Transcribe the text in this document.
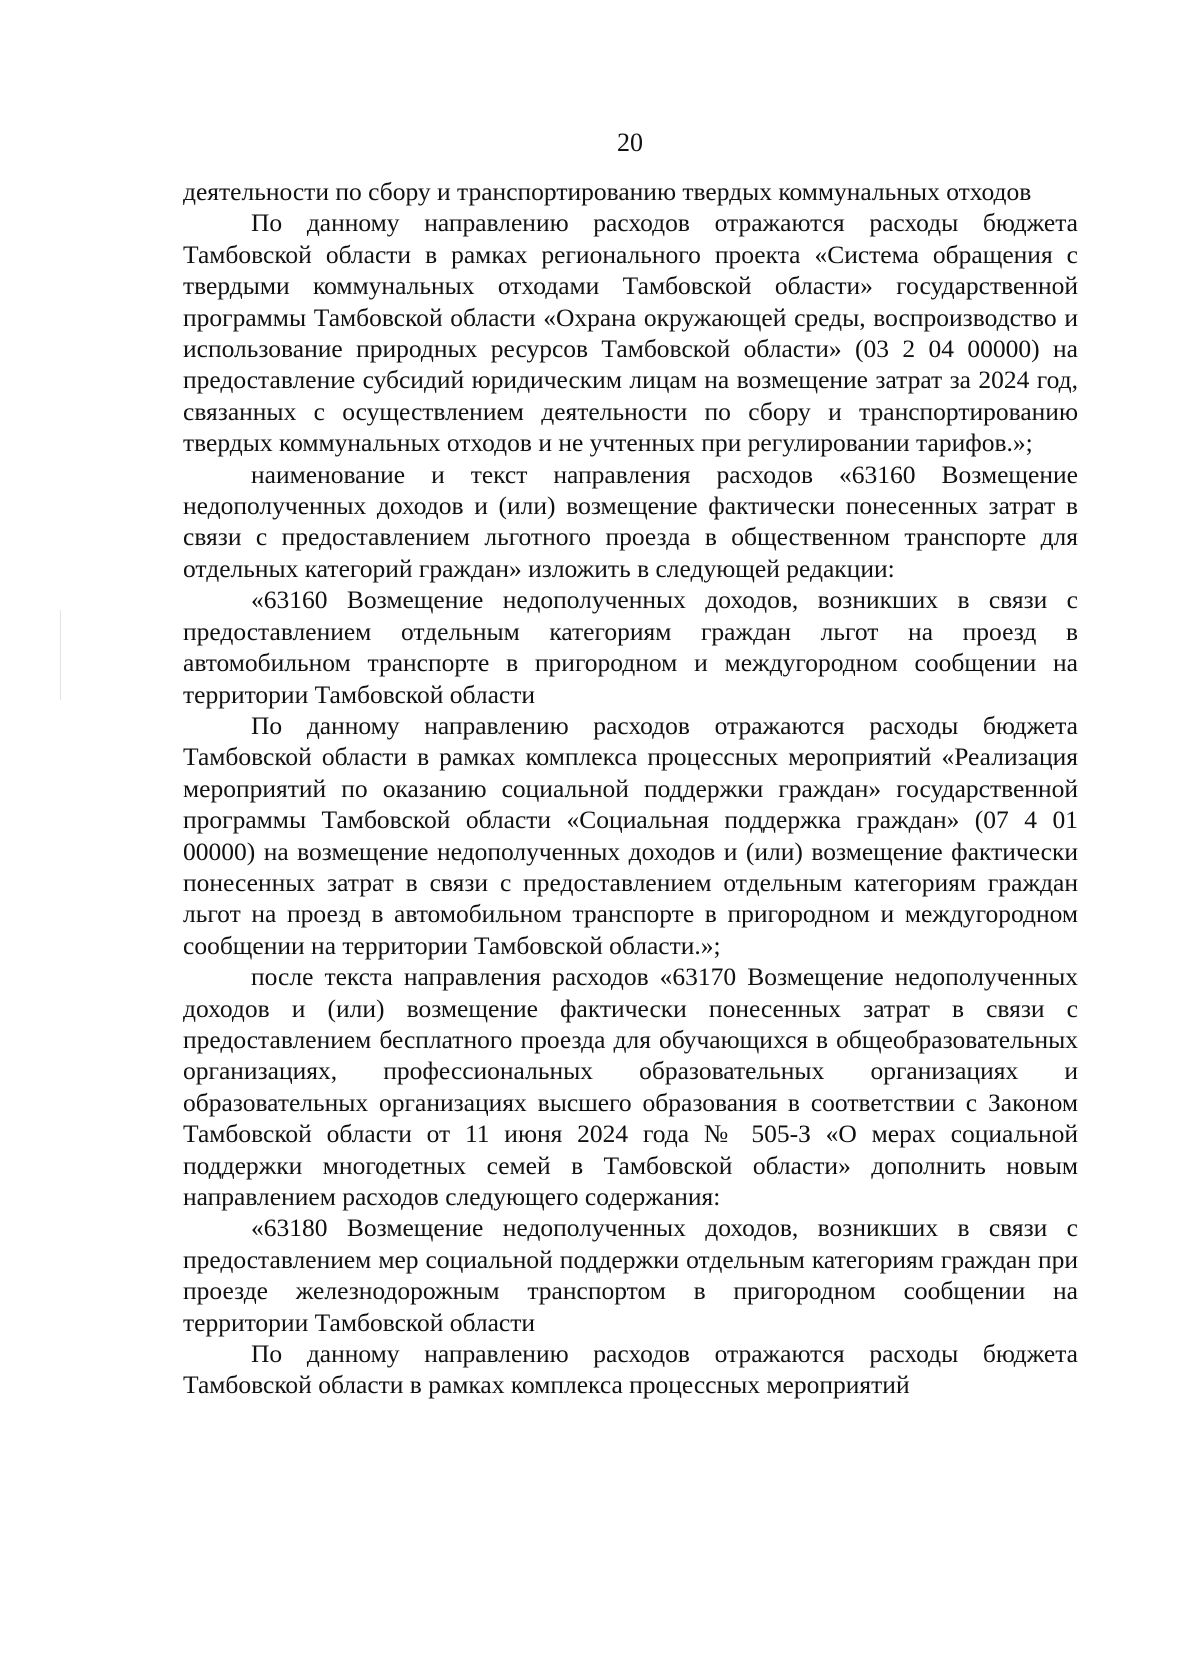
20

деятельности по сбору и транспортированию твердых коммунальных отходов

По данному направлению расходов отражаются расходы бюджета Тамбовской области в рамках регионального проекта «Система обращения с твердыми коммунальных отходами Тамбовской области» государственной программы Тамбовской области «Охрана окружающей среды, воспроизводство и использование природных ресурсов Тамбовской области» (03 2 04 00000) на предоставление субсидий юридическим лицам на возмещение затрат за 2024 год, связанных с осуществлением деятельности по сбору и транспортированию твердых коммунальных отходов и не учтенных при регулировании тарифов.»;

наименование и текст направления расходов «63160 Возмещение недополученных доходов и (или) возмещение фактически понесенных затрат в связи с предоставлением льготного проезда в общественном транспорте для отдельных категорий граждан» изложить в следующей редакции:

«63160 Возмещение недополученных доходов, возникших в связи с предоставлением отдельным категориям граждан льгот на проезд в автомобильном транспорте в пригородном и междугородном сообщении на территории Тамбовской области

По данному направлению расходов отражаются расходы бюджета Тамбовской области в рамках комплекса процессных мероприятий «Реализация мероприятий по оказанию социальной поддержки граждан» государственной программы Тамбовской области «Социальная поддержка граждан» (07 4 01 00000) на возмещение недополученных доходов и (или) возмещение фактически понесенных затрат в связи с предоставлением отдельным категориям граждан льгот на проезд в автомобильном транспорте в пригородном и междугородном сообщении на территории Тамбовской области.»;

после текста направления расходов «63170 Возмещение недополученных доходов и (или) возмещение фактически понесенных затрат в связи с предоставлением бесплатного проезда для обучающихся в общеобразовательных организациях, профессиональных образовательных организациях и образовательных организациях высшего образования в соответствии с Законом Тамбовской области от 11 июня 2024 года № 505-З «О мерах социальной поддержки многодетных семей в Тамбовской области» дополнить новым направлением расходов следующего содержания:

«63180 Возмещение недополученных доходов, возникших в связи с предоставлением мер социальной поддержки отдельным категориям граждан при проезде железнодорожным транспортом в пригородном сообщении на территории Тамбовской области

По данному направлению расходов отражаются расходы бюджета Тамбовской области в рамках комплекса процессных мероприятий
